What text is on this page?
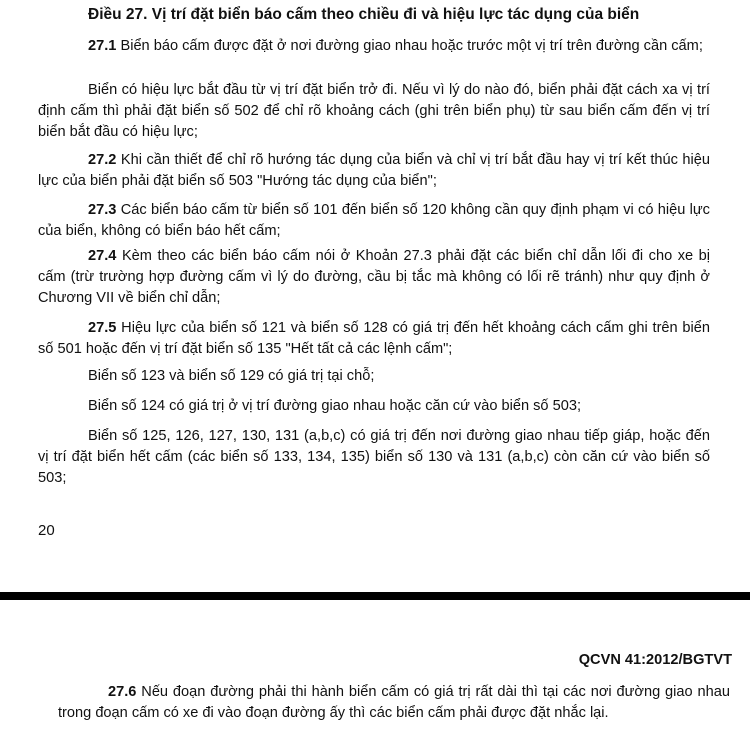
Điều 27. Vị trí đặt biển báo cấm theo chiều đi và hiệu lực tác dụng của biển

27.1 Biển báo cấm được đặt ở nơi đường giao nhau hoặc trước một vị trí trên đường cần cấm;

Biển có hiệu lực bắt đầu từ vị trí đặt biển trở đi. Nếu vì lý do nào đó, biển phải đặt cách xa vị trí định cấm thì phải đặt biển số 502 để chỉ rõ khoảng cách (ghi trên biển phụ) từ sau biển cấm đến vị trí biển bắt đầu có hiệu lực;

27.2 Khi cần thiết để chỉ rõ hướng tác dụng của biển và chỉ vị trí bắt đầu hay vị trí kết thúc hiệu lực của biển phải đặt biển số 503 "Hướng tác dụng của biển";

27.3 Các biển báo cấm từ biển số 101 đến biển số 120 không cần quy định phạm vi có hiệu lực của biển, không có biển báo hết cấm;

27.4 Kèm theo các biển báo cấm nói ở Khoản 27.3 phải đặt các biển chỉ dẫn lối đi cho xe bị cấm (trừ trường hợp đường cấm vì lý do đường, cầu bị tắc mà không có lối rẽ tránh) như quy định ở Chương VII về biển chỉ dẫn;

27.5 Hiệu lực của biển số 121 và biển số 128 có giá trị đến hết khoảng cách cấm ghi trên biển số 501 hoặc đến vị trí đặt biển số 135 "Hết tất cả các lệnh cấm";

Biển số 123 và biển số 129 có giá trị tại chỗ;

Biển số 124 có giá trị ở vị trí đường giao nhau hoặc căn cứ vào biển số 503;

Biển số 125, 126, 127, 130, 131 (a,b,c) có giá trị đến nơi đường giao nhau tiếp giáp, hoặc đến vị trí đặt biển hết cấm (các biển số 133, 134, 135) biển số 130 và 131 (a,b,c) còn căn cứ vào biển số 503;

20
QCVN 41:2012/BGTVT

27.6 Nếu đoạn đường phải thi hành biển cấm có giá trị rất dài thì tại các nơi đường giao nhau trong đoạn cấm có xe đi vào đoạn đường ấy thì các biển cấm phải được đặt nhắc lại.
